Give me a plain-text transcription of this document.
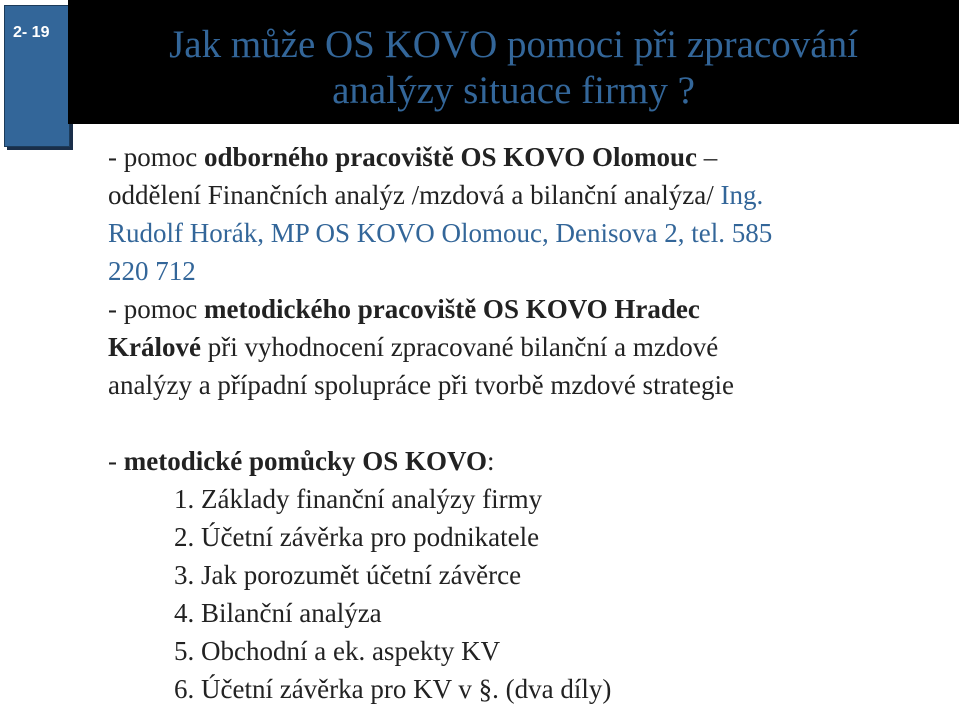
2- 19	Jak může OS KOVO pomoci při zpracování
analýzy situace firmy ?

- pomoc odborného pracoviště OS KOVO Olomouc –

oddělení Finančních analýz /mzdová a bilanční analýza/ Ing.

Rudolf Horák, MP OS KOVO Olomouc, Denisova 2, tel. 585

220 712

- pomoc metodického pracoviště OS KOVO Hradec

Králové při vyhodnocení zpracované bilanční a mzdové

analýzy a případní spolupráce při tvorbě mzdové strategie

- metodické pomůcky OS KOVO:

1. Základy finanční analýzy firmy

2. Účetní závěrka pro podnikatele

3. Jak porozumět účetní závěrce

4. Bilanční analýza

5. Obchodní a ek. aspekty KV

6. Účetní závěrka pro KV v §. (dva díly)
